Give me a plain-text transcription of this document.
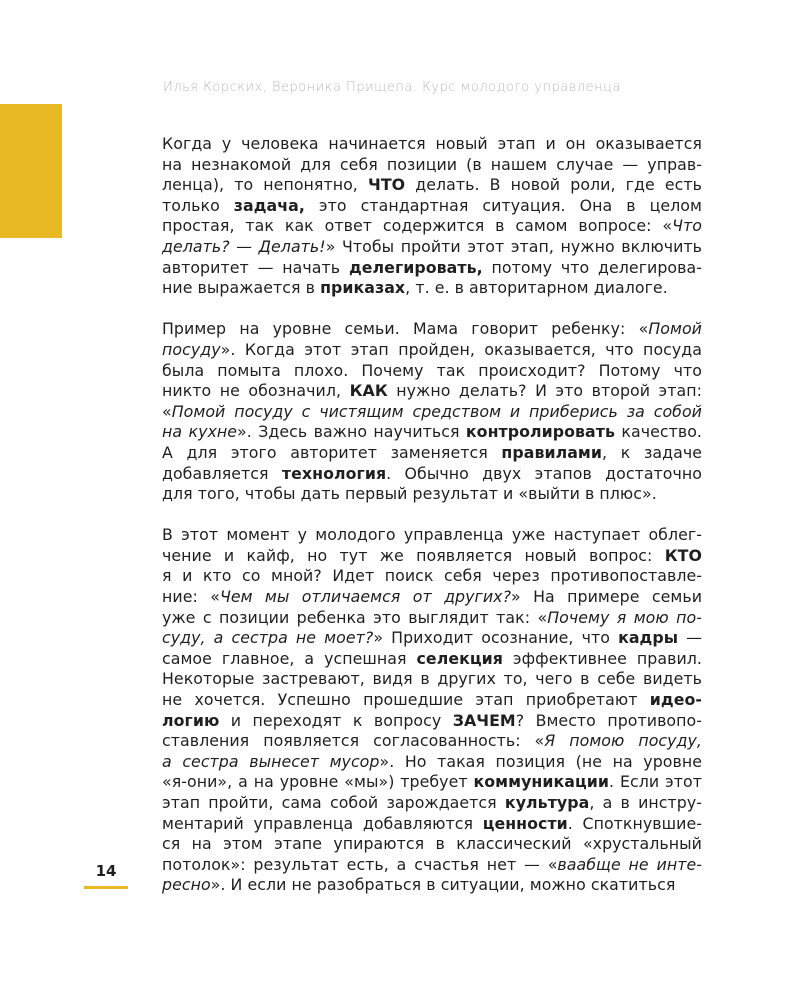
Илья Корских, Вероника Прищепа. Курс молодого управленца
Когда у человека начинается новый этап и он оказывается
на незнакомой для себя позиции (в нашем случае — управ-
ленца), то непонятно, ЧТО делать. В новой роли, где есть
только задача, это стандартная ситуация. Она в целом
простая, так как ответ содержится в самом вопросе: «Что
делать? — Делать!» Чтобы пройти этот этап, нужно включить
авторитет — начать делегировать, потому что делегирова-
ние выражается в приказах, т. е. в авторитарном диалоге.
Пример на уровне семьи. Мама говорит ребенку: «Помой
посуду». Когда этот этап пройден, оказывается, что посуда
была помыта плохо. Почему так происходит? Потому что
никто не обозначил, КАК нужно делать? И это второй этап:
«Помой посуду с чистящим средством и приберись за собой
на кухне». Здесь важно научиться контролировать качество.
А для этого авторитет заменяется правилами, к задаче
добавляется технология. Обычно двух этапов достаточно
для того, чтобы дать первый результат и «выйти в плюс».
В этот момент у молодого управленца уже наступает облег-
чение и кайф, но тут же появляется новый вопрос: КТО
я и кто со мной? Идет поиск себя через противопоставле-
ние: «Чем мы отличаемся от других?» На примере семьи
уже с позиции ребенка это выглядит так: «Почему я мою по-
суду, а сестра не моет?» Приходит осознание, что кадры —
самое главное, а успешная селекция эффективнее правил.
Некоторые застревают, видя в других то, чего в себе видеть
не хочется. Успешно прошедшие этап приобретают идео-
логию и переходят к вопросу ЗАЧЕМ? Вместо противопо-
ставления появляется согласованность: «Я помою посуду,
а сестра вынесет мусор». Но такая позиция (не на уровне
«я-они», а на уровне «мы») требует коммуникации. Если этот
этап пройти, сама собой зарождается культура, а в инстру-
ментарий управленца добавляются ценности. Споткнувшие-
ся на этом этапе упираются в классический «хрустальный
потолок»: результат есть, а счастья нет — «ваабще не инте-
ресно». И если не разобраться в ситуации, можно скатиться
14
